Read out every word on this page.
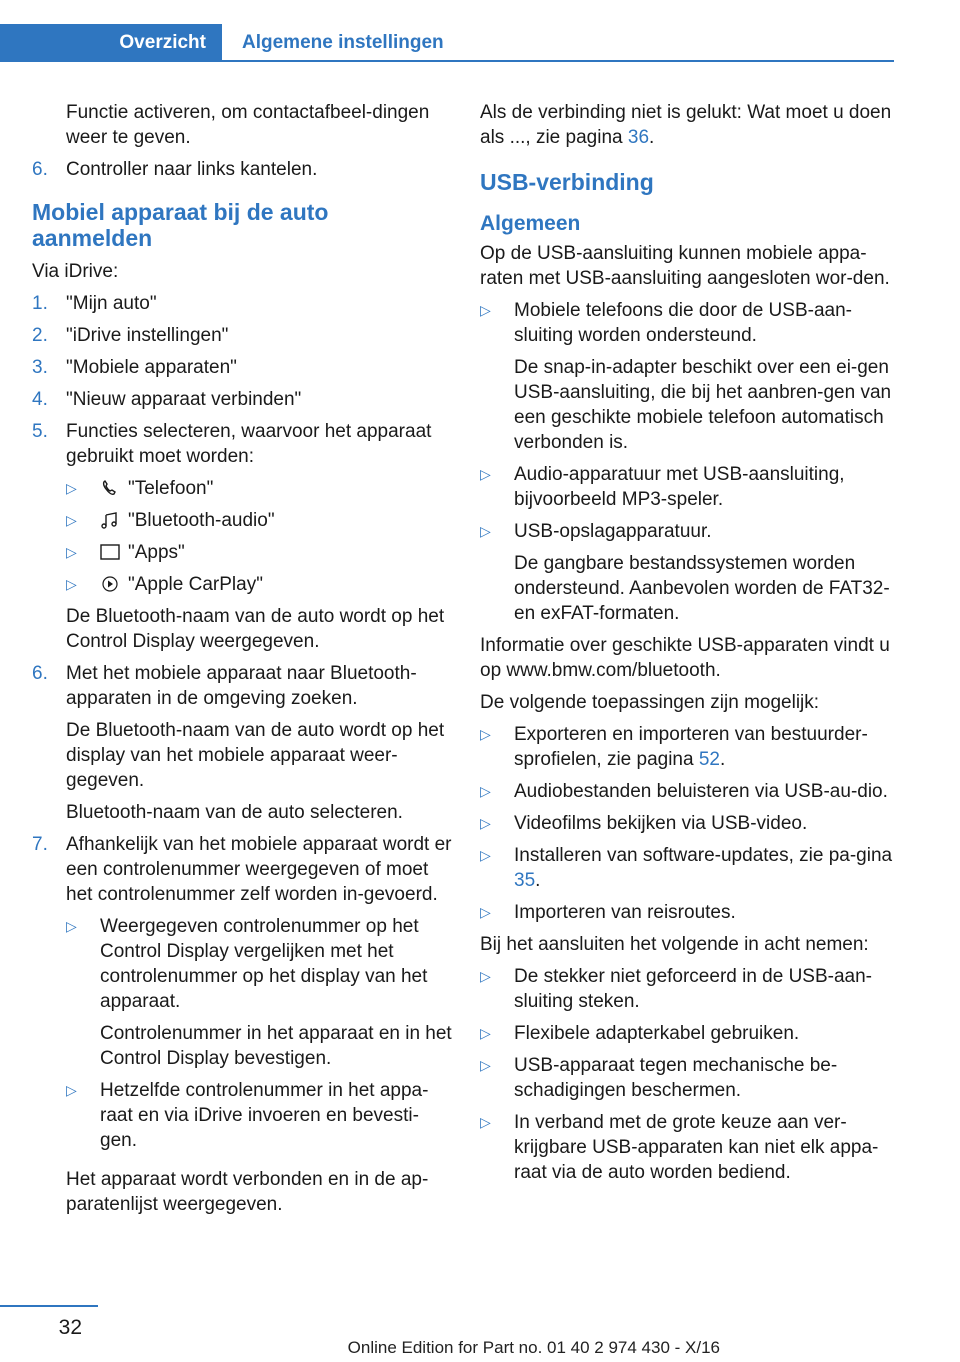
Overzicht	Algemene instellingen
Functie activeren, om contactafbeel-dingen weer te geven.
6. Controller naar links kantelen.
Mobiel apparaat bij de auto aanmelden

Via iDrive:

1. "Mijn auto"
2. "iDrive instellingen"
3. "Mobiele apparaten"
4. "Nieuw apparaat verbinden"
5. Functies selecteren, waarvoor het apparaat gebruikt moet worden:
▷	"Telefoon"
▷	"Bluetooth-audio"
▷	"Apps"
▷	"Apple CarPlay"
De Bluetooth-naam van de auto wordt op het Control Display weergegeven.
6. Met het mobiele apparaat naar Bluetooth-apparaten in de omgeving zoeken.
De Bluetooth-naam van de auto wordt op het display van het mobiele apparaat weer-gegeven.
Bluetooth-naam van de auto selecteren.
7. Afhankelijk van het mobiele apparaat wordt er een controlenummer weergegeven of moet het controlenummer zelf worden in-gevoerd.
▷	Weergegeven controlenummer op het Control Display vergelijken met het controlenummer op het display van het apparaat.
Controlenummer in het apparaat en in het Control Display bevestigen.
▷	Hetzelfde controlenummer in het appa-raat en via iDrive invoeren en bevesti-gen.
Het apparaat wordt verbonden en in de ap-paratenlijst weergegeven.

Als de verbinding niet is gelukt: Wat moet u doen als ..., zie pagina 36.

USB-verbinding
Algemeen

Op de USB-aansluiting kunnen mobiele appa-raten met USB-aansluiting aangesloten wor-den.

▷	Mobiele telefoons die door de USB-aan-sluiting worden ondersteund.
De snap-in-adapter beschikt over een ei-gen USB-aansluiting, die bij het aanbren-gen van een geschikte mobiele telefoon automatisch verbonden is.
▷	Audio-apparatuur met USB-aansluiting, bijvoorbeeld MP3-speler.
▷	USB-opslagapparatuur.
De gangbare bestandssystemen worden ondersteund. Aanbevolen worden de FAT32- en exFAT-formaten.

Informatie over geschikte USB-apparaten vindt u op www.bmw.com/bluetooth.

De volgende toepassingen zijn mogelijk:

▷	Exporteren en importeren van bestuurder-sprofielen, zie pagina 52.
▷	Audiobestanden beluisteren via USB-au-dio.
▷	Videofilms bekijken via USB-video.
▷	Installeren van software-updates, zie pa-gina 35.
▷	Importeren van reisroutes.

Bij het aansluiten het volgende in acht nemen:

▷	De stekker niet geforceerd in de USB-aan-sluiting steken.
▷	Flexibele adapterkabel gebruiken.
▷	USB-apparaat tegen mechanische be-schadigingen beschermen.
▷	In verband met de grote keuze aan ver-krijgbare USB-apparaten kan niet elk appa-raat via de auto worden bediend.
32
Online Edition for Part no. 01 40 2 974 430 - X/16
